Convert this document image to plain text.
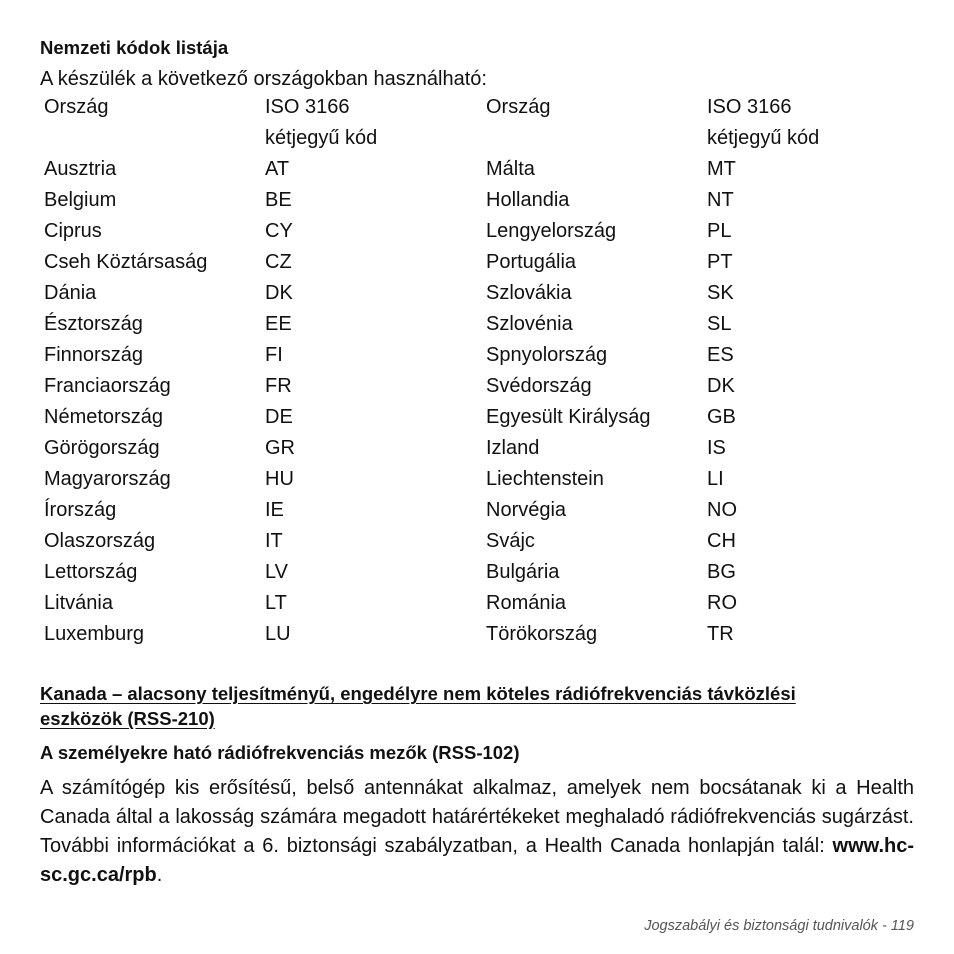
Nemzeti kódok listája
A készülék a következő országokban használható:
Ország	ISO 3166	Ország	ISO 3166
	kétjegyű kód		kétjegyű kód
Ausztria	AT	Málta	MT
Belgium	BE	Hollandia	NT
Ciprus	CY	Lengyelország	PL
Cseh Köztársaság	CZ	Portugália	PT
Dánia	DK	Szlovákia	SK
Észtország	EE	Szlovénia	SL
Finnország	FI	Spnyolország	ES
Franciaország	FR	Svédország	DK
Németország	DE	Egyesült Királyság	GB
Görögország	GR	Izland	IS
Magyarország	HU	Liechtenstein	LI
Írország	IE	Norvégia	NO
Olaszország	IT	Svájc	CH
Lettország	LV	Bulgária	BG
Litvánia	LT	Románia	RO
Luxemburg	LU	Törökország	TR
Kanada – alacsony teljesítményű, engedélyre nem köteles rádiófrekvenciás távközlési eszközök (RSS-210)
A személyekre ható rádiófrekvenciás mezők (RSS-102)
A számítógép kis erősítésű, belső antennákat alkalmaz, amelyek nem bocsátanak ki a Health Canada által a lakosság számára megadott határértékeket meghaladó rádiófrekvenciás sugárzást. További információkat a 6. biztonsági szabályzatban, a Health Canada honlapján talál: www.hc-sc.gc.ca/rpb.
Jogszabályi és biztonsági tudnivalók - 119
